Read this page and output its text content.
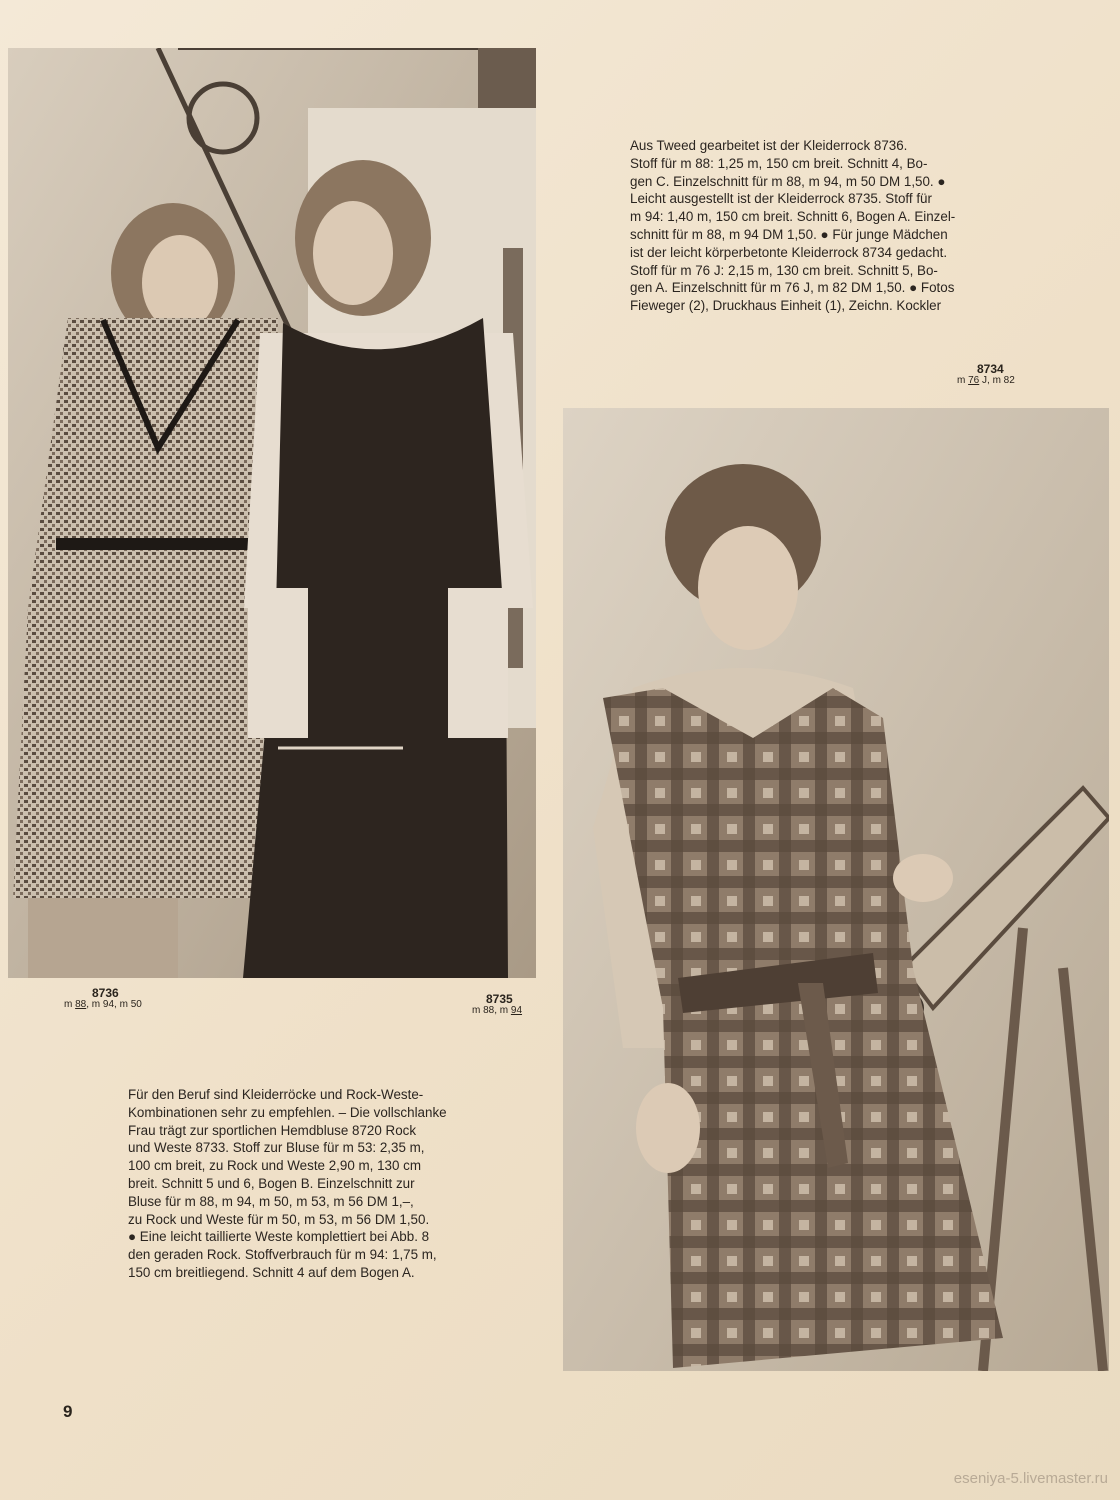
8736
m 88, m 94, m 50	8735
m 88, m 94
8734
m 76 J, m 82
Aus Tweed gearbeitet ist der Kleiderrock 8736.
Stoff für m 88: 1,25 m, 150 cm breit. Schnitt 4, Bo-
gen C. Einzelschnitt für m 88, m 94, m 50 DM 1,50. ●
Leicht ausgestellt ist der Kleiderrock 8735. Stoff für
m 94: 1,40 m, 150 cm breit. Schnitt 6, Bogen A. Einzel-
schnitt für m 88, m 94 DM 1,50. ● Für junge Mädchen
ist der leicht körperbetonte Kleiderrock 8734 gedacht.
Stoff für m 76 J: 2,15 m, 130 cm breit. Schnitt 5, Bo-
gen A. Einzelschnitt für m 76 J, m 82 DM 1,50. ● Fotos
Fieweger (2), Druckhaus Einheit (1), Zeichn. Kockler
Für den Beruf sind Kleiderröcke und Rock-Weste-
Kombinationen sehr zu empfehlen. – Die vollschlanke
Frau trägt zur sportlichen Hemdbluse 8720 Rock
und Weste 8733. Stoff zur Bluse für m 53: 2,35 m,
100 cm breit, zu Rock und Weste 2,90 m, 130 cm
breit. Schnitt 5 und 6, Bogen B. Einzelschnitt zur
Bluse für m 88, m 94, m 50, m 53, m 56 DM 1,–,
zu Rock und Weste für m 50, m 53, m 56 DM 1,50.
● Eine leicht taillierte Weste komplettiert bei Abb. 8
den geraden Rock. Stoffverbrauch für m 94: 1,75 m,
150 cm breitliegend. Schnitt 4 auf dem Bogen A.
9
eseniya-5.livemaster.ru
